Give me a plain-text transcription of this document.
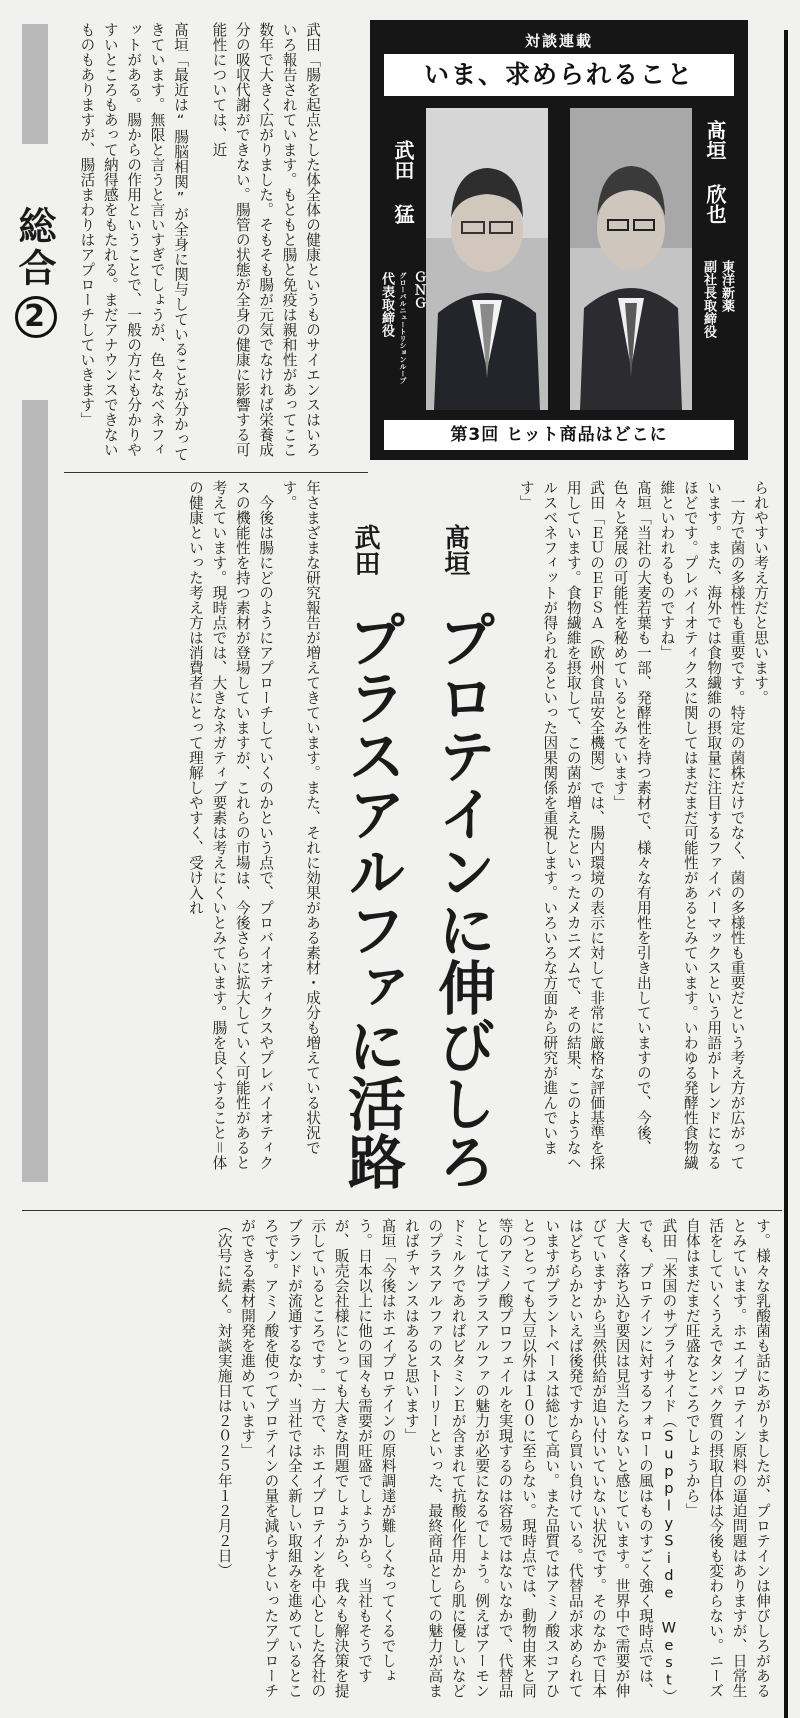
対談連載
いま、求められること
髙垣 欣也
東洋新薬
副社長取締役
武田 猛
ＧＮＧ
グローバルニュートリションループ
代表取締役
第3回 ヒット商品はどこに
総合2	武田「腸を起点とした体全体の健康というものサイエンスはいろいろ報告されています。もともと腸と免疫は親和性があってここ数年で大きく広がりました。そもそも腸が元気でなければ栄養成分の吸収代謝ができない。腸管の状態が全身の健康に影響する可能性については、近
髙垣「最近は“腸脳相関”が全身に関与していることが分かってきています。無限と言うと言いすぎでしょうが、色々なベネフィットがある。腸からの作用ということで、一般の方にも分かりやすいところもあって納得感をもたれる。まだアナウンスできないものもありますが、腸活まわりはアプローチしていきます」
年さまざまな研究報告が増えてきています。また、それに効果がある素材・成分も増えている状況です。
　今後は腸にどのようにアプローチしていくのかという点で、プロバイオティクスやプレバイオティクスの機能性を持つ素材が登場していますが、これらの市場は、今後さらに拡大していく可能性があると考えています。現時点では、大きなネガティブ要素は考えにくいとみています。腸を良くすること＝体の健康といった考え方は消費者にとって理解しやすく、受け入れ	髙垣
プロテインに伸びしろ
武田
プラスアルファに活路
られやすい考え方だと思います。
　一方で菌の多様性も重要です。特定の菌株だけでなく、菌の多様性も重要だという考え方が広がっています。また、海外では食物繊維の摂取量に注目するファイバーマックスという用語がトレンドになるほどです。プレバイオティクスに関してはまだまだ可能性があるとみています。いわゆる発酵性食物繊維といわれるものですね」
髙垣「当社の大麦若葉も一部、発酵性を持つ素材で、様々な有用性を引き出していますので、今後、色々と発展の可能性を秘めているとみています」
武田「ＥＵのＥＦＳＡ（欧州食品安全機関）では、腸内環境の表示に対して非常に厳格な評価基準を採用しています。食物繊維を摂取して、この菌が増えたといったメカニズムで、その結果、このようなヘルスベネフィットが得られるといった因果関係を重視します。いろいろな方面から研究が進んでいます」

す。様々な乳酸菌も話にあがりましたが、プロテインは伸びしろがあるとみています。ホエイプロテイン原料の逼迫問題はありますが、日常生活をしていくうえでタンパク質の摂取自体は今後も変わらない。ニーズ自体はまだまだ旺盛なところでしょうから」
武田「米国のサプライサイド（SupplySide West）でも、プロテインに対するフォローの風はものすごく強く現時点では、大きく落ち込む要因は見当たらないと感じています。世界中で需要が伸びていますから当然供給が追い付いていない状況です。そのなかで日本はどちらかといえば後発ですから買い負けている。代替品が求められていますがプラントベースは総じて高い。また品質ではアミノ酸スコアひとつとっても大豆以外は１００に至らない。現時点では、動物由来と同等のアミノ酸プロフェイルを実現するのは容易ではないなかで、代替品としてはプラスアルファの魅力が必要になるでしょう。例えばアーモンドミルクであればビタミンＥが含まれて抗酸化作用から肌に優しいなどのプラスアルファのストーリーといった、最終商品としての魅力が高まればチャンスはあると思います」
髙垣「今後はホエイプロテインの原料調達が難しくなってくるでしょう。日本以上に他の国々も需要が旺盛でしょうから。当社もそうですが、販売会社様にとっても大きな問題でしょうから、我々も解決策を提示しているところです。一方で、ホエイプロテインを中心とした各社のブランドが流通するなか、当社では全く新しい取組みを進めているところです。アミノ酸を使ってプロテインの量を減らすといったアプローチができる素材開発を進めています」
（次号に続く。対談実施日は２０２５年１２月２日）
